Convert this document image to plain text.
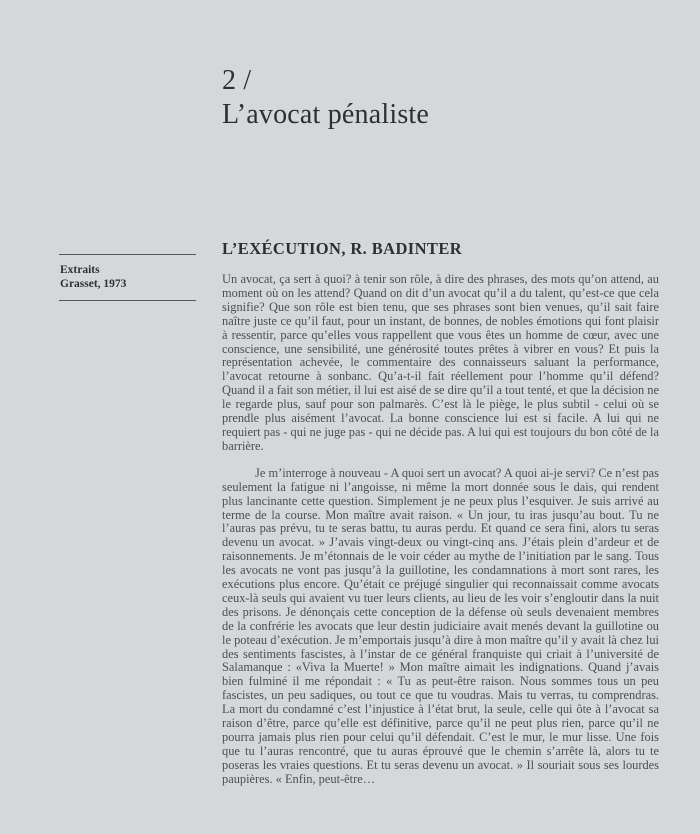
2 /
L’avocat pénaliste
Extraits
Grasset, 1973
L’EXÉCUTION, R. BADINTER

Un avocat, ça sert à quoi? à tenir son rôle, à dire des phrases, des mots qu’on attend, au moment où on les attend? Quand on dit d’un avocat qu’il a du talent, qu’est-ce que cela signifie? Que son rôle est bien tenu, que ses phrases sont bien venues, qu’il sait faire naître juste ce qu’il faut, pour un instant, de bonnes, de nobles émotions qui font plaisir à ressentir, parce qu’elles vous rappellent que vous êtes un homme de cœur, avec une conscience, une sensibilité, une générosité toutes prêtes à vibrer en vous? Et puis la représentation achevée, le commentaire des connaisseurs saluant la performance, l’avocat retourne à sonbanc. Qu’a-t-il fait réellement pour l’homme qu’il défend? Quand il a fait son métier, il lui est aisé de se dire qu’il a tout tenté, et que la décision ne le regarde plus, sauf pour son palmarès. C’est là le piège, le plus subtil - celui où se prendle plus aisément l’avocat. La bonne conscience lui est si facile. A lui qui ne requiert pas - qui ne juge pas - qui ne décide pas. A lui qui est toujours du bon côté de la barrière.

Je m’interroge à nouveau - A quoi sert un avocat? A quoi ai-je servi? Ce n’est pas seulement la fatigue ni l’angoisse, ni même la mort donnée sous le dais, qui rendent plus lancinante cette question. Simplement je ne peux plus l’esquiver. Je suis arrivé au terme de la course. Mon maître avait raison. « Un jour, tu iras jusqu’au bout. Tu ne l’auras pas prévu, tu te seras battu, tu auras perdu. Et quand ce sera fini, alors tu seras devenu un avocat. » J’avais vingt-deux ou vingt-cinq ans. J’étais plein d’ardeur et de raisonnements. Je m’étonnais de le voir céder au mythe de l’initiation par le sang. Tous les avocats ne vont pas jusqu’à la guillotine, les condamnations à mort sont rares, les exécutions plus encore. Qu’était ce préjugé singulier qui reconnaissait comme avocats ceux-là seuls qui avaient vu tuer leurs clients, au lieu de les voir s’engloutir dans la nuit des prisons. Je dénonçais cette conception de la défense où seuls devenaient membres de la confrérie les avocats que leur destin judiciaire avait menés devant la guillotine ou le poteau d’exécution. Je m’emportais jusqu’à dire à mon maître qu’il y avait là chez lui des sentiments fascistes, à l’instar de ce général franquiste qui criait à l’université de Salamanque : «Viva la Muerte! » Mon maître aimait les indignations. Quand j’avais bien fulminé il me répondait : « Tu as peut-être raison. Nous sommes tous un peu fascistes, un peu sadiques, ou tout ce que tu voudras. Mais tu verras, tu comprendras. La mort du condamné c’est l’injustice à l’état brut, la seule, celle qui ôte à l’avocat sa raison d’être, parce qu’elle est définitive, parce qu’il ne peut plus rien, parce qu’il ne pourra jamais plus rien pour celui qu’il défendait. C’est le mur, le mur lisse. Une fois que tu l’auras rencontré, que tu auras éprouvé que le chemin s’arrête là, alors tu te poseras les vraies questions. Et tu seras devenu un avocat. » Il souriait sous ses lourdes paupières. « Enfin, peut-être…
